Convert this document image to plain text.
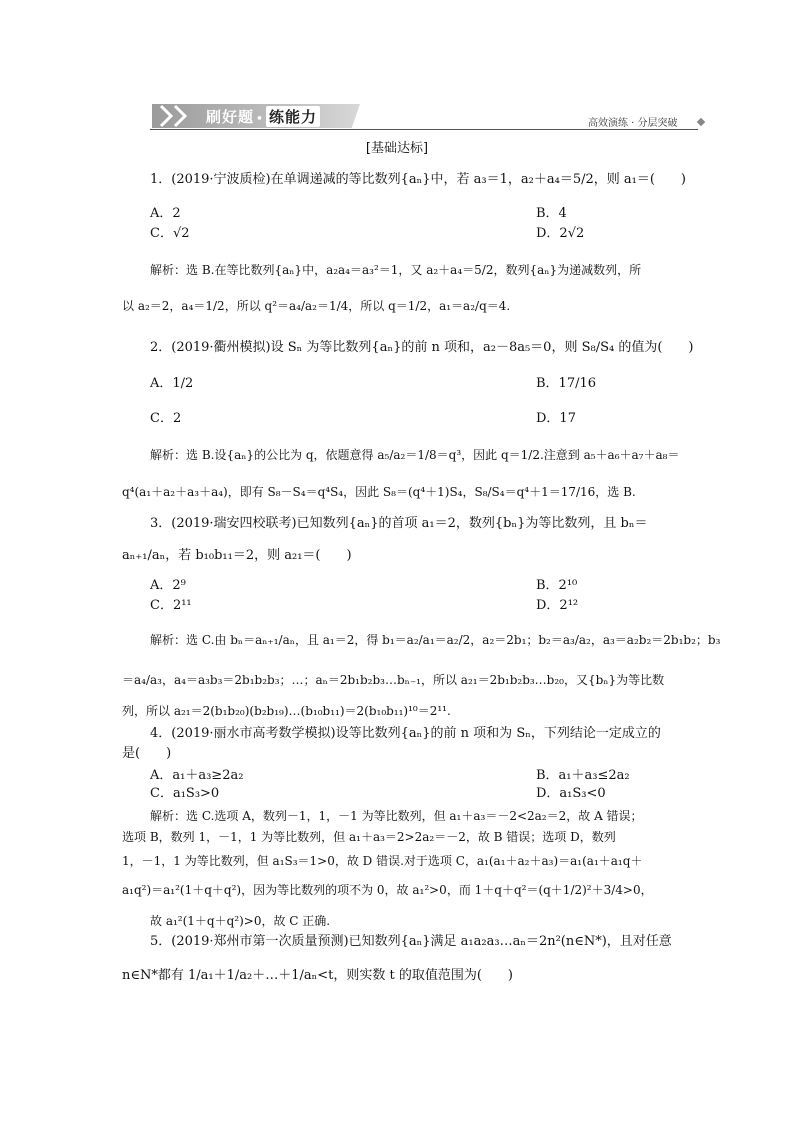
刷好题 • 练能力	高效演练 · 分层突破
[基础达标]
1．(2019·宁波质检)在单调递减的等比数列{aₙ}中，若 a₃＝1，a₂＋a₄＝5/2，则 a₁＝(　　)
A．2	B．4
C．√2	D．2√2
解析：选 B.在等比数列{aₙ}中，a₂a₄＝a₃²＝1，又 a₂＋a₄＝5/2，数列{aₙ}为递减数列，所
以 a₂＝2，a₄＝1/2，所以 q²＝a₄/a₂＝1/4，所以 q＝1/2，a₁＝a₂/q＝4.
2．(2019·衢州模拟)设 Sₙ 为等比数列{aₙ}的前 n 项和，a₂－8a₅＝0，则 S₈/S₄ 的值为(　　)
A．1/2	B．17/16
C．2	D．17
解析：选 B.设{aₙ}的公比为 q，依题意得 a₅/a₂＝1/8＝q³，因此 q＝1/2.注意到 a₅＋a₆＋a₇＋a₈＝
q⁴(a₁＋a₂＋a₃＋a₄)，即有 S₈－S₄＝q⁴S₄，因此 S₈＝(q⁴＋1)S₄，S₈/S₄＝q⁴＋1＝17/16，选 B.
3．(2019·瑞安四校联考)已知数列{aₙ}的首项 a₁＝2，数列{bₙ}为等比数列，且 bₙ＝
aₙ₊₁/aₙ，若 b₁₀b₁₁＝2，则 a₂₁＝(　　)
A．2⁹	B．2¹⁰
C．2¹¹	D．2¹²
解析：选 C.由 bₙ＝aₙ₊₁/aₙ，且 a₁＝2，得 b₁＝a₂/a₁＝a₂/2，a₂＝2b₁；b₂＝a₃/a₂，a₃＝a₂b₂＝2b₁b₂；b₃
＝a₄/a₃，a₄＝a₃b₃＝2b₁b₂b₃；…；aₙ＝2b₁b₂b₃…bₙ₋₁，所以 a₂₁＝2b₁b₂b₃…b₂₀，又{bₙ}为等比数
列，所以 a₂₁＝2(b₁b₂₀)(b₂b₁₉)…(b₁₀b₁₁)＝2(b₁₀b₁₁)¹⁰＝2¹¹.
4．(2019·丽水市高考数学模拟)设等比数列{aₙ}的前 n 项和为 Sₙ，下列结论一定成立的
是(　　)
A．a₁＋a₃≥2a₂	B．a₁＋a₃≤2a₂
C．a₁S₃>0	D．a₁S₃<0
解析：选 C.选项 A，数列－1，1，－1 为等比数列，但 a₁＋a₃＝－2<2a₂＝2，故 A 错误；
选项 B，数列 1，－1，1 为等比数列，但 a₁＋a₃＝2>2a₂＝－2，故 B 错误；选项 D，数列
1，－1，1 为等比数列，但 a₁S₃＝1>0，故 D 错误.对于选项 C，a₁(a₁＋a₂＋a₃)＝a₁(a₁＋a₁q＋
a₁q²)＝a₁²(1＋q＋q²)，因为等比数列的项不为 0，故 a₁²>0，而 1＋q＋q²＝(q＋1/2)²＋3/4>0，
故 a₁²(1＋q＋q²)>0，故 C 正确.
5．(2019·郑州市第一次质量预测)已知数列{aₙ}满足 a₁a₂a₃…aₙ＝2n²(n∈N*)，且对任意
n∈N*都有 1/a₁＋1/a₂＋…＋1/aₙ<t，则实数 t 的取值范围为(　　)
